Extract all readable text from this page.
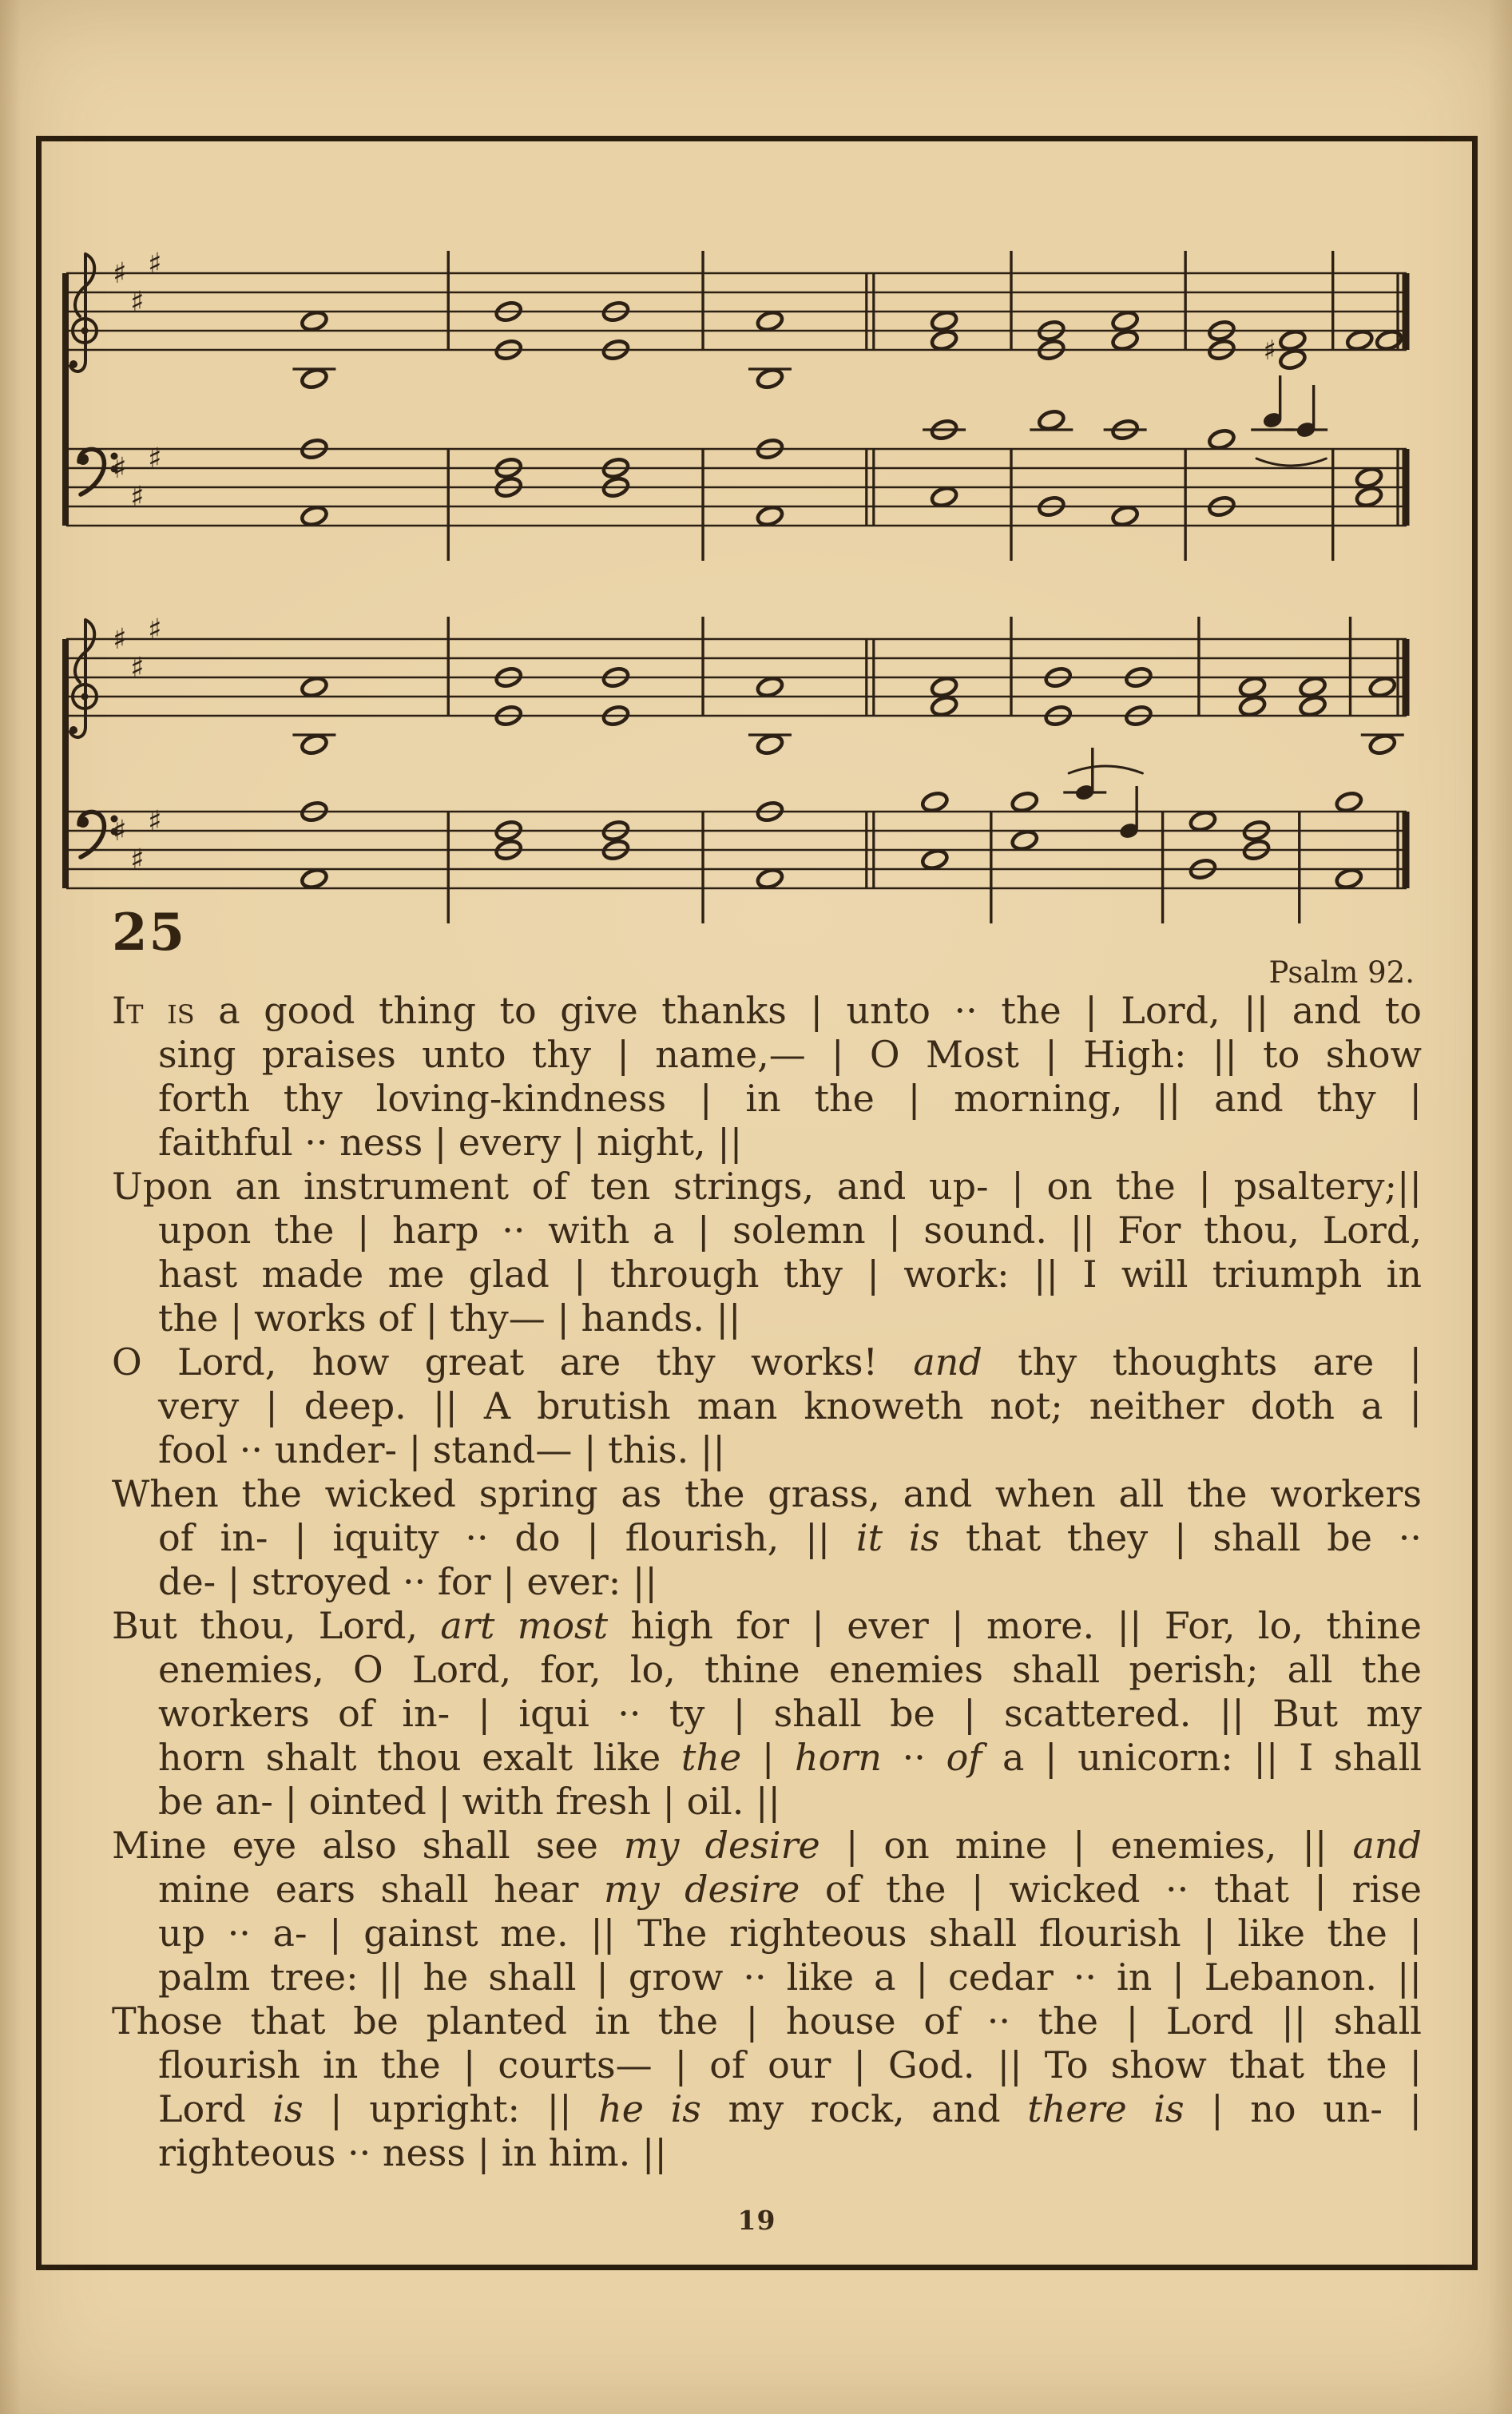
♯
♯
♯
♯
♯
♯
♯
♯
♯
♯
♯
♯
♯
25
Psalm 92.
It is a good thing to give thanks | unto ·· the | Lord, || and to
sing praises unto thy | name,— | O Most | High: || to show
forth thy loving-kindness | in the | morning, || and thy |
faithful ·· ness | every | night, ||
Upon an instrument of ten strings, and up- | on the | psaltery;||
upon the | harp ·· with a | solemn | sound. || For thou, Lord,
hast made me glad | through thy | work: || I will triumph in
the | works of | thy— | hands. ||
O Lord, how great are thy works! and thy thoughts are |
very | deep. || A brutish man knoweth not; neither doth a |
fool ·· under- | stand— | this. ||
When the wicked spring as the grass, and when all the workers
of in- | iquity ·· do | flourish, || it is that they | shall be ··
de- | stroyed ·· for | ever: ||
But thou, Lord, art most high for | ever | more. || For, lo, thine
enemies, O Lord, for, lo, thine enemies shall perish; all the
workers of in- | iqui ·· ty | shall be | scattered. || But my
horn shalt thou exalt like the | horn ·· of a | unicorn: || I shall
be an- | ointed | with fresh | oil. ||
Mine eye also shall see my desire | on mine | enemies, || and
mine ears shall hear my desire of the | wicked ·· that | rise
up ·· a- | gainst me. || The righteous shall flourish | like the |
palm tree: || he shall | grow ·· like a | cedar ·· in | Lebanon. ||
Those that be planted in the | house of ·· the | Lord || shall
flourish in the | courts— | of our | God. || To show that the |
Lord is | upright: || he is my rock, and there is | no un- |
righteous ·· ness | in him. ||
19
